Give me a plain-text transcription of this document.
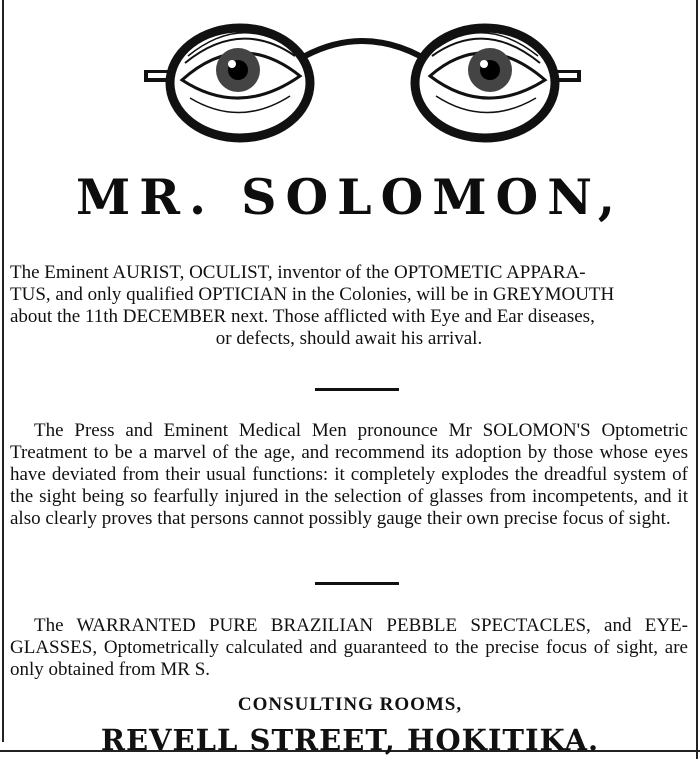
MR. SOLOMON,

The Eminent AURIST, OCULIST, inventor of the OPTOMETIC APPARA-

TUS, and only qualified OPTICIAN in the Colonies, will be in GREYMOUTH

about the 11th DECEMBER next. Those afflicted with Eye and Ear diseases,

or defects, should await his arrival.

The Press and Eminent Medical Men pronounce Mr SOLOMON'S Optometric Treatment to be a marvel of the age, and recommend its adoption by those whose eyes have deviated from their usual functions: it completely explodes the dreadful system of the sight being so fearfully injured in the selection of glasses from incompetents, and it also clearly proves that persons cannot possibly gauge their own precise focus of sight.

The WARRANTED PURE BRAZILIAN PEBBLE SPECTACLES, and EYE-GLASSES, Optometrically calculated and guaranteed to the precise focus of sight, are only obtained from MR S.

CONSULTING ROOMS,
REVELL STREET, HOKITIKA.
